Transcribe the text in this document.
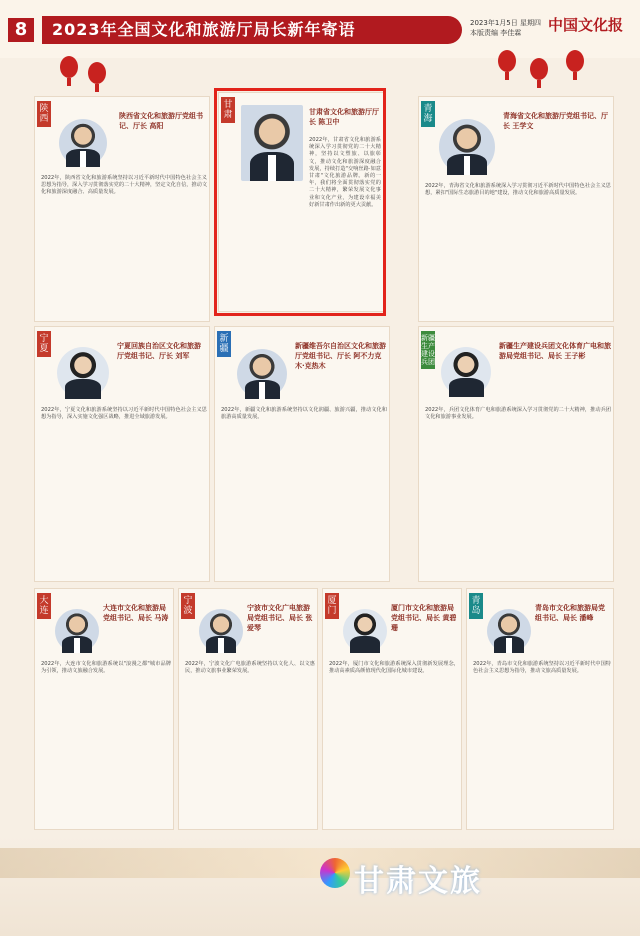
8	2023年全国文化和旅游厅局长新年寄语	2023年1月5日 星期四
本版责编 李佳霖	中国文化报
陕西	陕西省文化和旅游厅党组书记、厅长 高阳
2022年，陕西省文化和旅游系统坚持以习近平新时代中国特色社会主义思想为指导，深入学习贯彻落实党的二十大精神，坚定文化自信，推动文化和旅游深度融合、高质量发展。
甘肃	甘肃省文化和旅游厅厅长 陈卫中
2022年，甘肃省文化和旅游系统深入学习贯彻党的二十大精神，坚持以文塑旅、以旅彰文，推动文化和旅游深度融合发展，持续打造"交响丝路·如意甘肃"文化旅游品牌。新的一年，我们将全面贯彻落实党的二十大精神，繁荣发展文化事业和文化产业，为建设幸福美好新甘肃作出新的更大贡献。
青海	青海省文化和旅游厅党组书记、厅长 王学文
2022年，青海省文化和旅游系统深入学习贯彻习近平新时代中国特色社会主义思想，紧扣"国际生态旅游目的地"建设，推动文化和旅游高质量发展。
宁夏	宁夏回族自治区文化和旅游厅党组书记、厅长 刘军
2022年，宁夏文化和旅游系统坚持以习近平新时代中国特色社会主义思想为指导，深入实施文化强区战略，推进全域旅游发展。
新疆	新疆维吾尔自治区文化和旅游厅党组书记、厅长 阿不力克木·克热木
2022年，新疆文化和旅游系统坚持以文化润疆、旅游兴疆，推动文化和旅游高质量发展。
新疆生产建设兵团
新疆生产建设兵团文化体育广电和旅游局党组书记、局长 王子彬
2022年，兵团文化体育广电和旅游系统深入学习贯彻党的二十大精神，推动兵团文化和旅游事业发展。
大连	大连市文化和旅游局党组书记、局长 马涛
2022年，大连市文化和旅游系统以"浪漫之都"城市品牌为引领，推动文旅融合发展。
宁波	宁波市文化广电旅游局党组书记、局长 张爱琴
2022年，宁波文化广电旅游系统坚持以文化人、以文惠民，推动文旅事业繁荣发展。
厦门	厦门市文化和旅游局党组书记、局长 黄碧珊
2022年，厦门市文化和旅游系统深入贯彻新发展理念，推动高素质高颜值现代化国际化城市建设。
青岛	青岛市文化和旅游局党组书记、局长 潘峰
2022年，青岛市文化和旅游系统坚持以习近平新时代中国特色社会主义思想为指导，推动文旅高质量发展。
甘肃文旅
